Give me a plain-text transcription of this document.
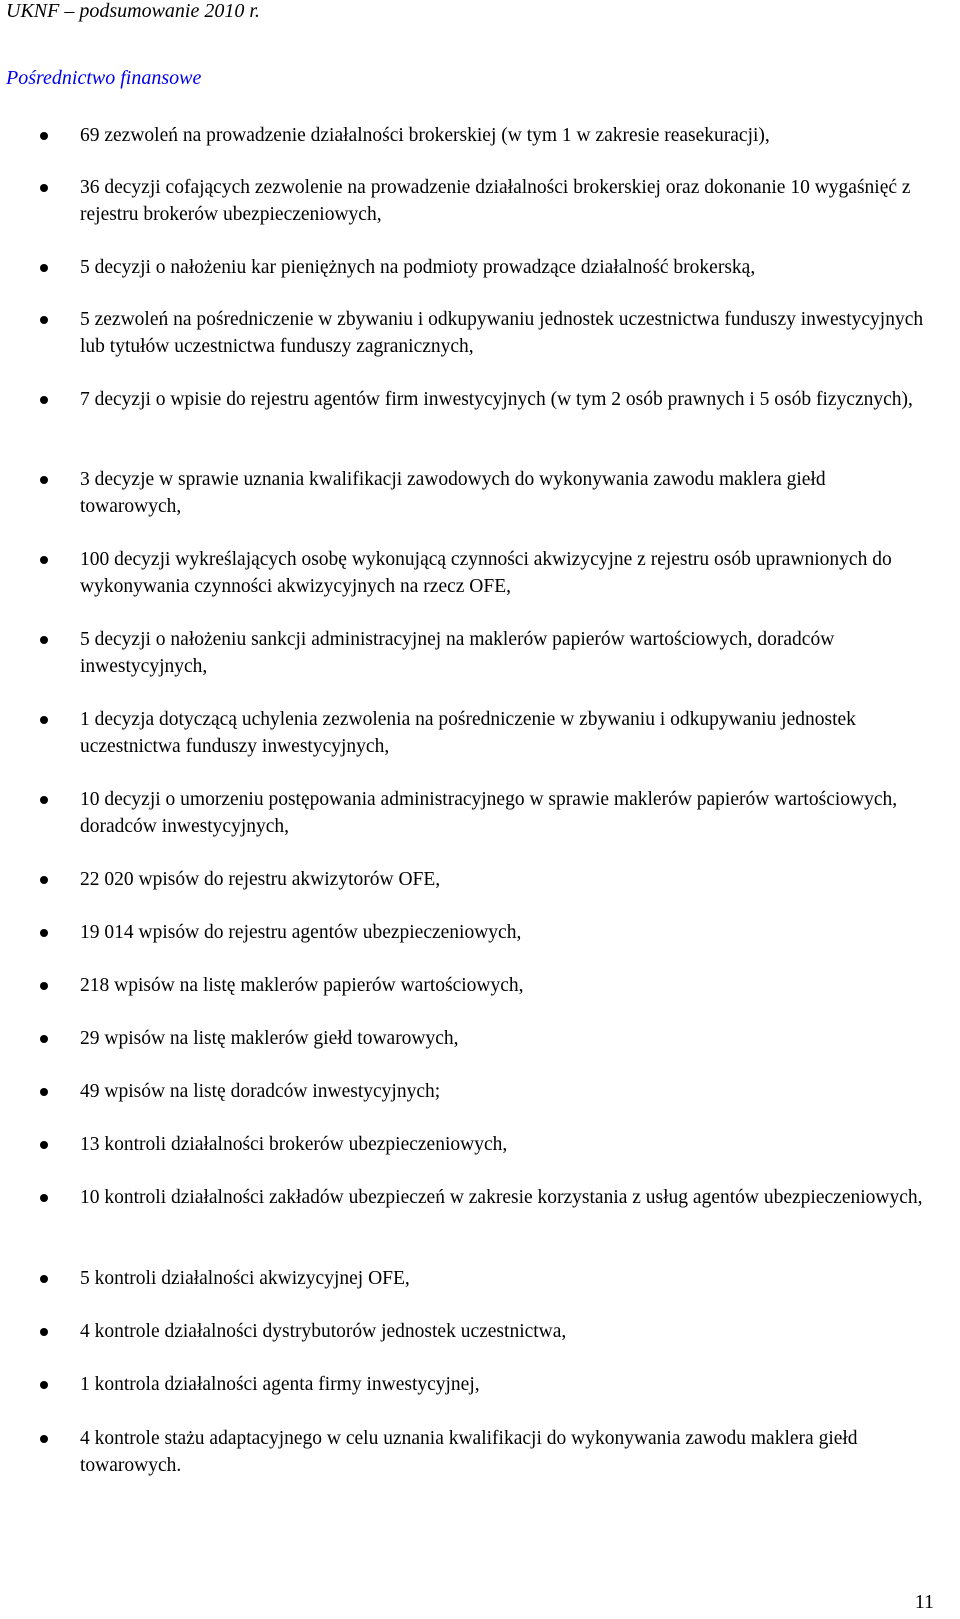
UKNF – podsumowanie 2010 r.
Pośrednictwo finansowe
69 zezwoleń na prowadzenie działalności brokerskiej (w tym 1 w zakresie reasekuracji),
36 decyzji cofających zezwolenie na prowadzenie działalności brokerskiej oraz dokonanie 10 wygaśnięć z rejestru brokerów ubezpieczeniowych,
5 decyzji o nałożeniu kar pieniężnych na podmioty prowadzące działalność brokerską,
5 zezwoleń na pośredniczenie w zbywaniu i odkupywaniu jednostek uczestnictwa funduszy inwestycyjnych lub tytułów uczestnictwa funduszy zagranicznych,
7 decyzji o wpisie do rejestru agentów firm inwestycyjnych (w tym 2 osób prawnych i 5 osób fizycznych),
3 decyzje w sprawie uznania kwalifikacji zawodowych do wykonywania zawodu maklera giełd towarowych,
100 decyzji wykreślających osobę wykonującą czynności akwizycyjne z rejestru osób uprawnionych do wykonywania czynności akwizycyjnych na rzecz OFE,
5 decyzji o nałożeniu sankcji administracyjnej na maklerów papierów wartościowych, doradców inwestycyjnych,
1 decyzja dotyczącą uchylenia zezwolenia na pośredniczenie w zbywaniu i odkupywaniu jednostek uczestnictwa funduszy inwestycyjnych,
10 decyzji o umorzeniu postępowania administracyjnego w sprawie maklerów papierów wartościowych, doradców inwestycyjnych,
22 020 wpisów do rejestru akwizytorów OFE,
19 014 wpisów do rejestru agentów ubezpieczeniowych,
218 wpisów na listę maklerów papierów wartościowych,
29 wpisów na listę maklerów giełd towarowych,
49 wpisów na listę doradców inwestycyjnych;
13 kontroli działalności brokerów ubezpieczeniowych,
10 kontroli działalności zakładów ubezpieczeń w zakresie korzystania z usług agentów ubezpieczeniowych,
5 kontroli działalności akwizycyjnej OFE,
4 kontrole działalności dystrybutorów jednostek uczestnictwa,
1 kontrola działalności agenta firmy inwestycyjnej,
4 kontrole stażu adaptacyjnego w celu uznania kwalifikacji do wykonywania zawodu maklera giełd towarowych.
11
